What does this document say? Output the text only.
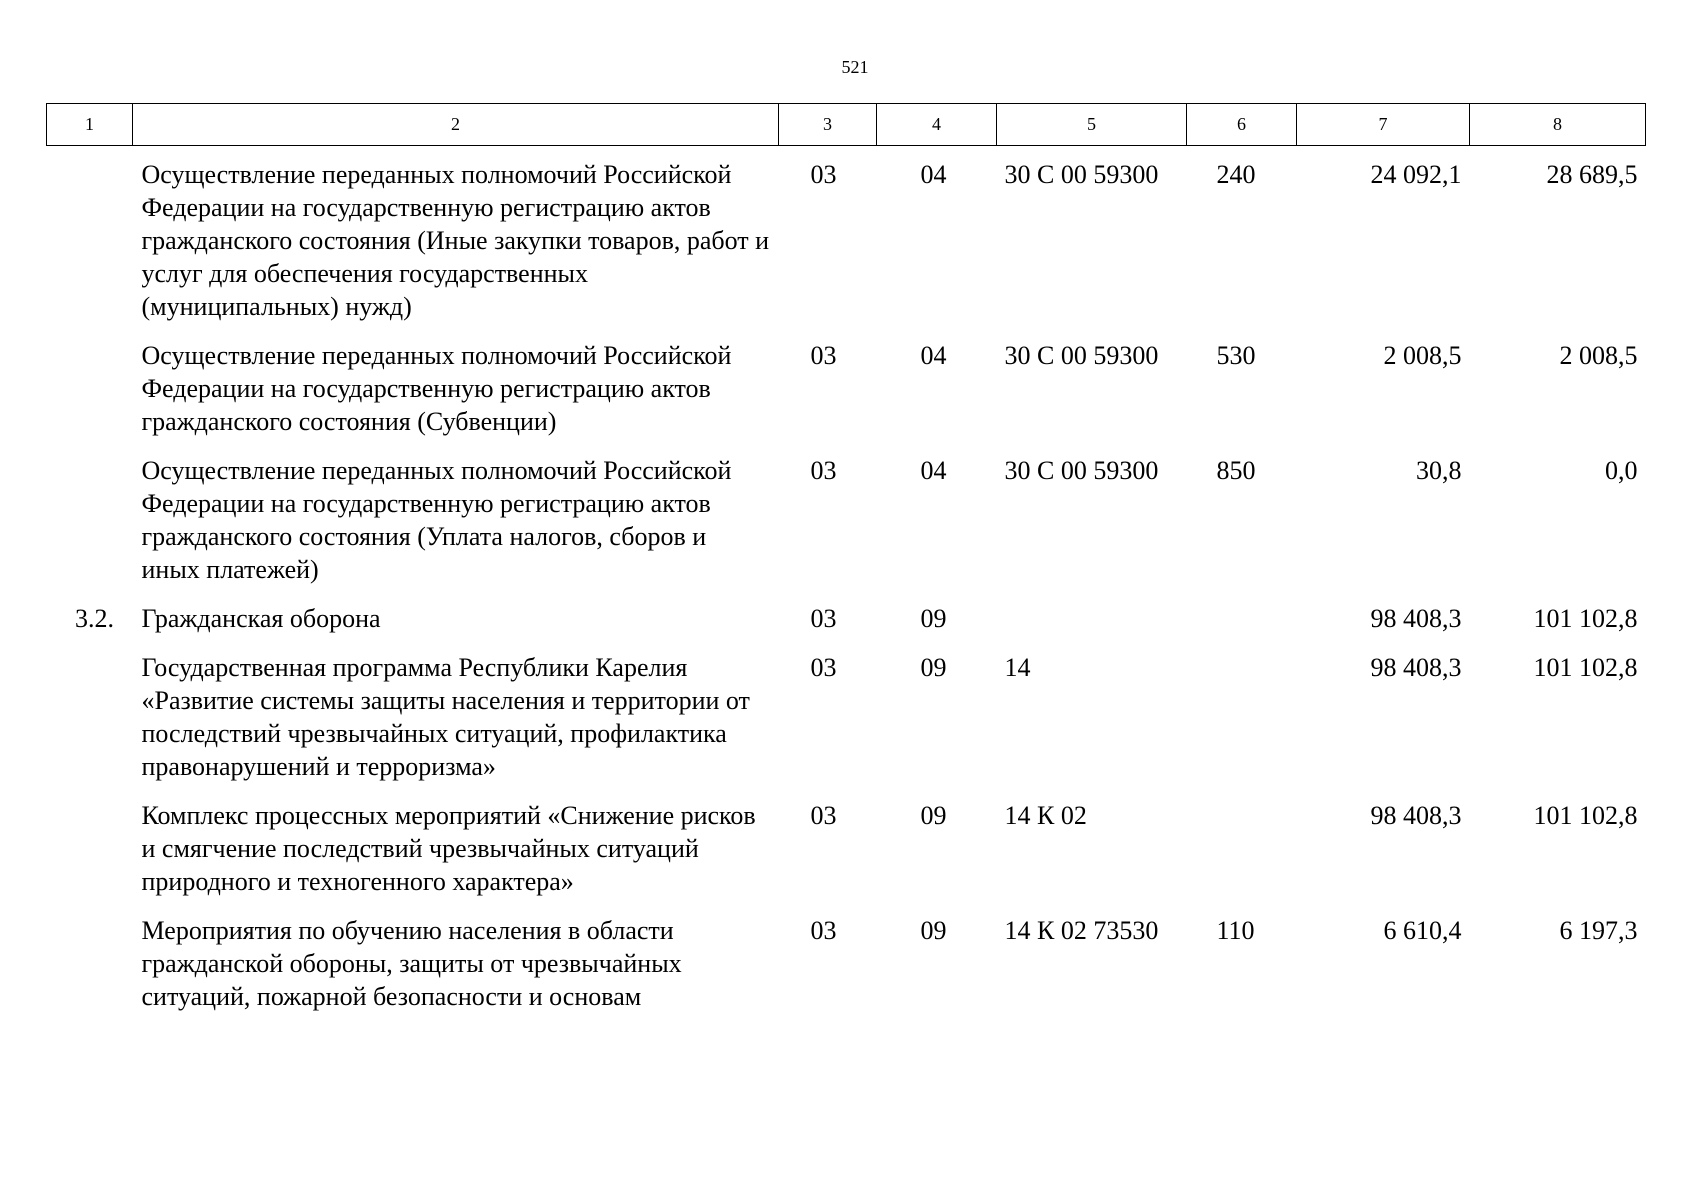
521
1	2	3	4	5	6	7	8
	Осуществление переданных полномочий Российской Федерации на государственную регистрацию актов гражданского состояния (Иные закупки товаров, работ и услуг для обеспечения государственных (муниципальных) нужд)	03	04	30 С 00 59300	240	24 092,1	28 689,5
	Осуществление переданных полномочий Российской Федерации на государственную регистрацию актов гражданского состояния (Субвенции)	03	04	30 С 00 59300	530	2 008,5	2 008,5
	Осуществление переданных полномочий Российской Федерации на государственную регистрацию актов гражданского состояния (Уплата налогов, сборов и иных платежей)	03	04	30 С 00 59300	850	30,8	0,0
3.2.	Гражданская оборона	03	09			98 408,3	101 102,8
	Государственная программа Республики Карелия «Развитие системы защиты населения и территории от последствий чрезвычайных ситуаций, профилактика правонарушений и терроризма»	03	09	14		98 408,3	101 102,8
	Комплекс процессных мероприятий «Снижение рисков и смягчение последствий чрезвычайных ситуаций природного и техногенного характера»	03	09	14 К 02		98 408,3	101 102,8
	Мероприятия по обучению населения в области гражданской обороны, защиты от чрезвычайных ситуаций, пожарной безопасности и основам	03	09	14 К 02 73530	110	6 610,4	6 197,3
